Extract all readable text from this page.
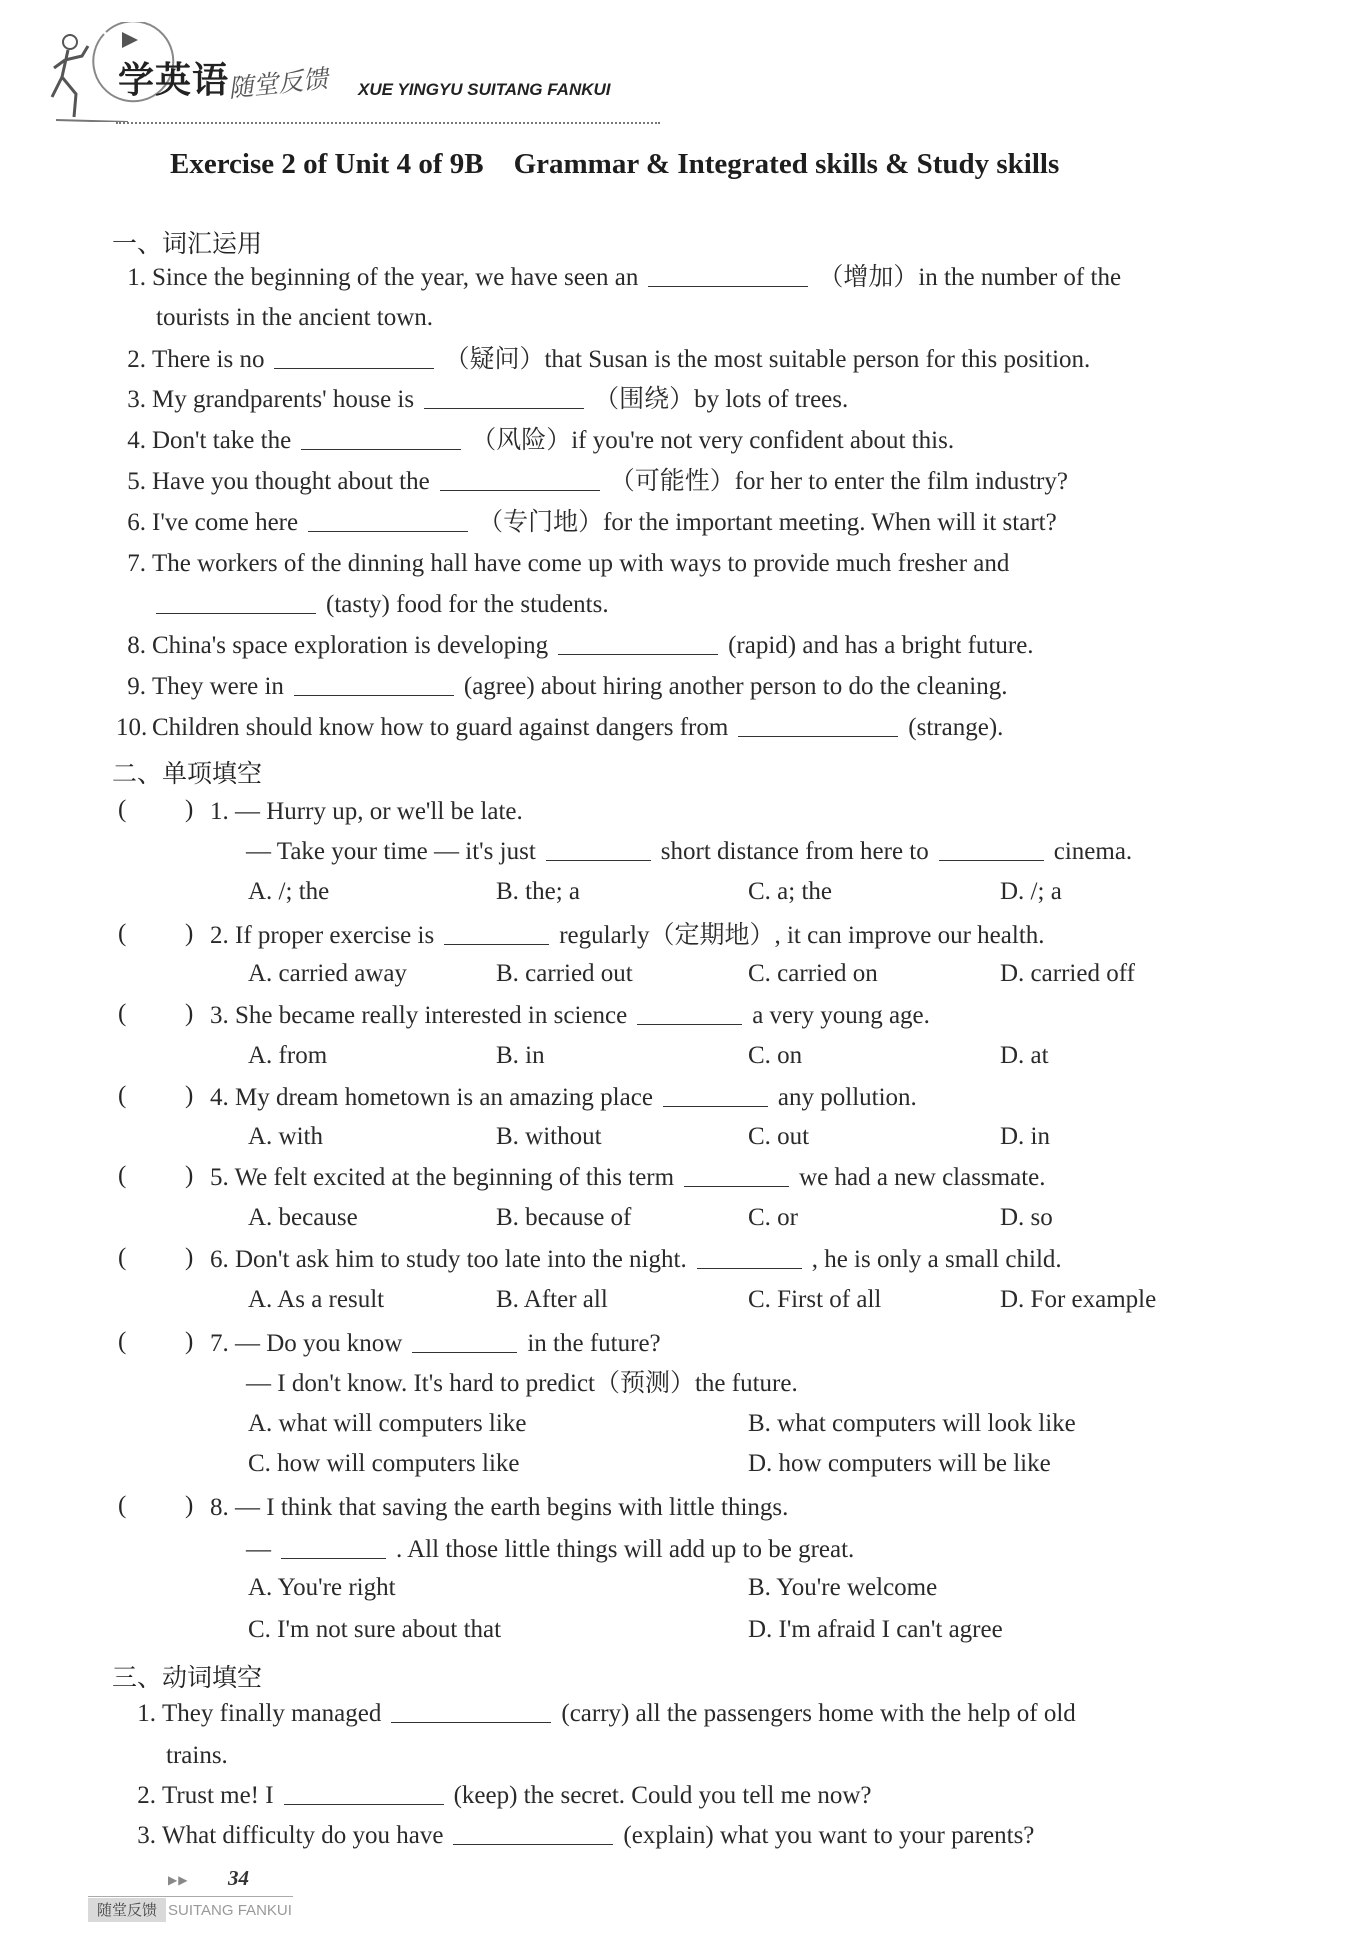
学英语
随堂反馈 XUE YINGYU SUITANG FANKUI
Exercise 2 of Unit 4 of 9B Grammar & Integrated skills & Study skills
一、词汇运用
1. Since the beginning of the year, we have seen an	（增加）in the number of the
tourists in the ancient town.
2. There is no	（疑问）that Susan is the most suitable person for this position.
3. My grandparents' house is	（围绕）by lots of trees.
4. Don't take the	（风险）if you're not very confident about this.
5. Have you thought about the	（可能性）for her to enter the film industry?
6. I've come here	（专门地）for the important meeting. When will it start?
7. The workers of the dinning hall have come up with ways to provide much fresher and
(tasty) food for the students.
8. China's space exploration is developing	(rapid) and has a bright future.
9. They were in	(agree) about hiring another person to do the cleaning.
10. Children should know how to guard against dangers from	(strange).
二、单项填空
( ) 1. — Hurry up, or we'll be late.
— Take your time — it's just	short distance from here to	cinema.
A. /; the	B. the; a	C. a; the	D. /; a
( ) 2. If proper exercise is	regularly（定期地）, it can improve our health.
A. carried away	B. carried out	C. carried on	D. carried off
( ) 3. She became really interested in science	a very young age.
A. from	B. in	C. on	D. at
( ) 4. My dream hometown is an amazing place	any pollution.
A. with	B. without	C. out	D. in
( ) 5. We felt excited at the beginning of this term	we had a new classmate.
A. because	B. because of	C. or	D. so
( ) 6. Don't ask him to study too late into the night.	, he is only a small child.
A. As a result	B. After all	C. First of all	D. For example
( ) 7. — Do you know	in the future?
— I don't know. It's hard to predict（预测）the future.
A. what will computers like	B. what computers will look like
C. how will computers like	D. how computers will be like
( ) 8. — I think that saving the earth begins with little things.
—	. All those little things will add up to be great.
A. You're right	B. You're welcome
C. I'm not sure about that	D. I'm afraid I can't agree
三、动词填空
1. They finally managed	(carry) all the passengers home with the help of old
trains.
2. Trust me! I	(keep) the secret. Could you tell me now?
3. What difficulty do you have	(explain) what you want to your parents?
▶▶ 34
随堂反馈 SUITANG FANKUI
